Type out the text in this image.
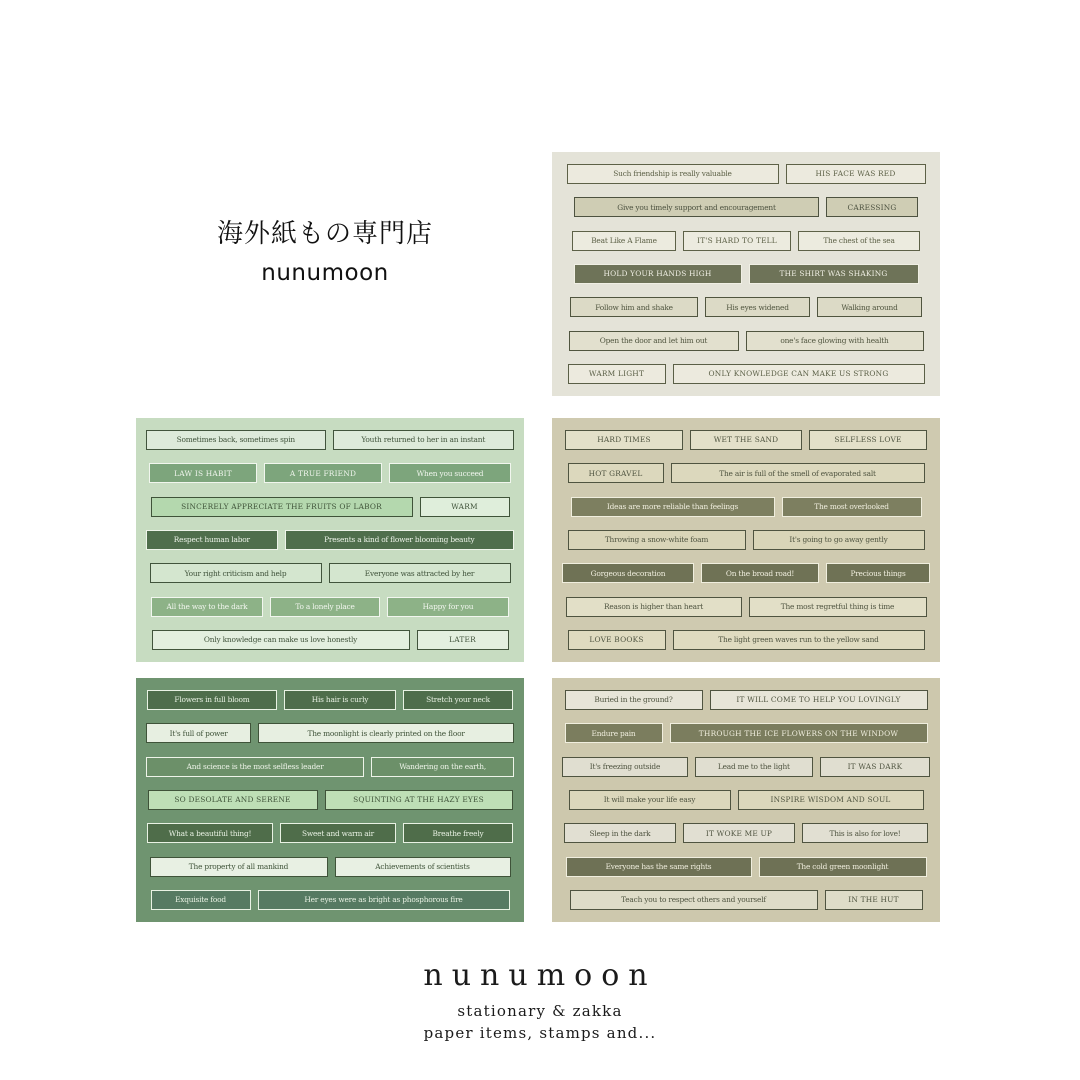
海外紙もの専門店
nunumoon
Such friendship is really valuable	HIS FACE WAS RED
Give you timely support and encouragement	CARESSING
Beat Like A Flame	IT'S HARD TO TELL	The chest of the sea
HOLD YOUR HANDS HIGH	THE SHIRT WAS SHAKING
Follow him and shake	His eyes widened	Walking around
Open the door and let him out	one's face glowing with health
WARM LIGHT	ONLY KNOWLEDGE CAN MAKE US STRONG
Sometimes back, sometimes spin	Youth returned to her in an instant
LAW IS HABIT	A TRUE FRIEND	When you succeed
SINCERELY APPRECIATE THE FRUITS OF LABOR	WARM
Respect human labor	Presents a kind of flower blooming beauty
Your right criticism and help	Everyone was attracted by her
All the way to the dark	To a lonely place	Happy for you
Only knowledge can make us love honestly	LATER
HARD TIMES	WET THE SAND	SELFLESS LOVE
HOT GRAVEL	The air is full of the smell of evaporated salt
Ideas are more reliable than feelings	The most overlooked
Throwing a snow-white foam	It's going to go away gently
Gorgeous decoration	On the broad road!	Precious things
Reason is higher than heart	The most regretful thing is time
LOVE BOOKS	The light green waves run to the yellow sand
Flowers in full bloom	His hair is curly	Stretch your neck
It's full of power	The moonlight is clearly printed on the floor
And science is the most selfless leader	Wandering on the earth,
SO DESOLATE AND SERENE	SQUINTING AT THE HAZY EYES
What a beautiful thing!	Sweet and warm air	Breathe freely
The property of all mankind	Achievements of scientists
Exquisite food	Her eyes were as bright as phosphorous fire
Buried in the ground?	IT WILL COME TO HELP YOU LOVINGLY
Endure pain	THROUGH THE ICE FLOWERS ON THE WINDOW
It's freezing outside	Lead me to the light	IT WAS DARK
It will make your life easy	INSPIRE WISDOM AND SOUL
Sleep in the dark	IT WOKE ME UP	This is also for love!
Everyone has the same rights	The cold green moonlight
Teach you to respect others and yourself	IN THE HUT
nunumoon
stationary & zakka
paper items, stamps and...
